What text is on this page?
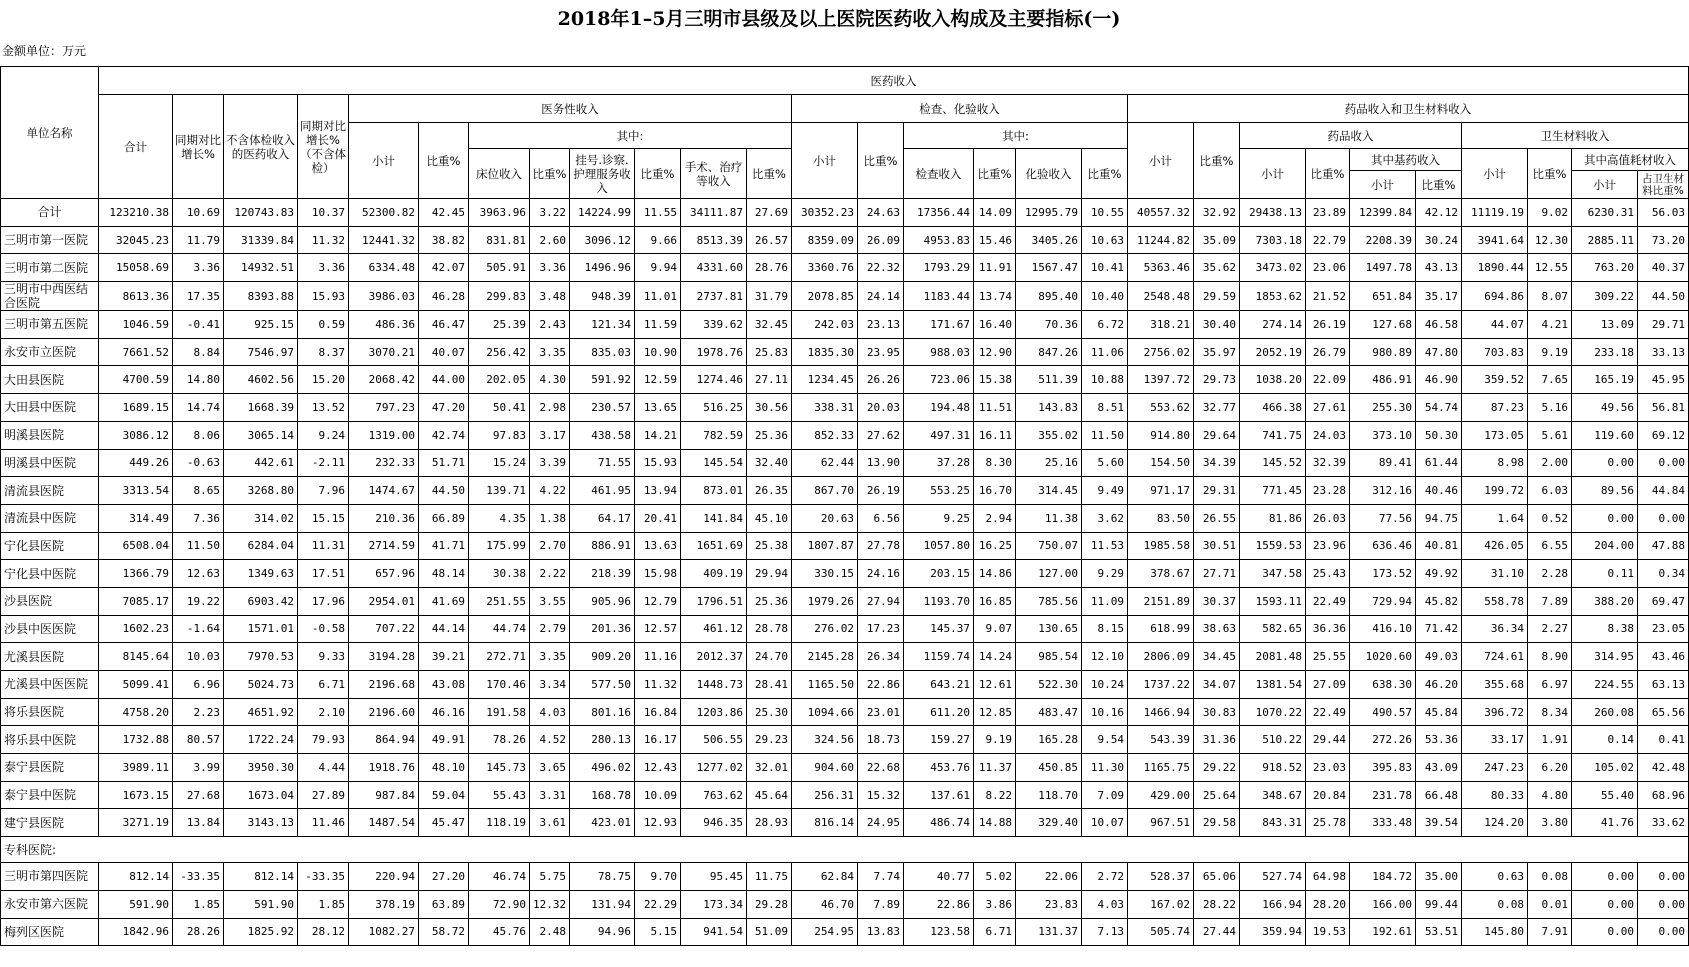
2018年1–5月三明市县级及以上医院医药收入构成及主要指标(一)
金额单位：万元
单位名称	医药收入																											
	合计	同期对比增长%	不含体检收入的医药收入	同期对比增长%（不含体检）	医务性收入								检查、化验收入						药品收入和卫生材料收入									
					小计	比重%	其中:						小计	比重%	其中:				小计	比重%	药品收入				卫生材料收入			
							床位收入	比重%	挂号.诊察.护理服务收入	比重%	手术、治疗等收入	比重%			检查收入	比重%	化验收入	比重%			小计	比重%	其中基药收入		小计	比重%	其中高值耗材收入	
																							小计	比重%			小计	占卫生材料比重%
合计	123210.38	10.69	120743.83	10.37	52300.82	42.45	3963.96	3.22	14224.99	11.55	34111.87	27.69	30352.23	24.63	17356.44	14.09	12995.79	10.55	40557.32	32.92	29438.13	23.89	12399.84	42.12	11119.19	9.02	6230.31	56.03
三明市第一医院	32045.23	11.79	31339.84	11.32	12441.32	38.82	831.81	2.60	3096.12	9.66	8513.39	26.57	8359.09	26.09	4953.83	15.46	3405.26	10.63	11244.82	35.09	7303.18	22.79	2208.39	30.24	3941.64	12.30	2885.11	73.20
三明市第二医院	15058.69	3.36	14932.51	3.36	6334.48	42.07	505.91	3.36	1496.96	9.94	4331.60	28.76	3360.76	22.32	1793.29	11.91	1567.47	10.41	5363.46	35.62	3473.02	23.06	1497.78	43.13	1890.44	12.55	763.20	40.37
三明市中西医结合医院	8613.36	17.35	8393.88	15.93	3986.03	46.28	299.83	3.48	948.39	11.01	2737.81	31.79	2078.85	24.14	1183.44	13.74	895.40	10.40	2548.48	29.59	1853.62	21.52	651.84	35.17	694.86	8.07	309.22	44.50
三明市第五医院	1046.59	-0.41	925.15	0.59	486.36	46.47	25.39	2.43	121.34	11.59	339.62	32.45	242.03	23.13	171.67	16.40	70.36	6.72	318.21	30.40	274.14	26.19	127.68	46.58	44.07	4.21	13.09	29.71
永安市立医院	7661.52	8.84	7546.97	8.37	3070.21	40.07	256.42	3.35	835.03	10.90	1978.76	25.83	1835.30	23.95	988.03	12.90	847.26	11.06	2756.02	35.97	2052.19	26.79	980.89	47.80	703.83	9.19	233.18	33.13
大田县医院	4700.59	14.80	4602.56	15.20	2068.42	44.00	202.05	4.30	591.92	12.59	1274.46	27.11	1234.45	26.26	723.06	15.38	511.39	10.88	1397.72	29.73	1038.20	22.09	486.91	46.90	359.52	7.65	165.19	45.95
大田县中医院	1689.15	14.74	1668.39	13.52	797.23	47.20	50.41	2.98	230.57	13.65	516.25	30.56	338.31	20.03	194.48	11.51	143.83	8.51	553.62	32.77	466.38	27.61	255.30	54.74	87.23	5.16	49.56	56.81
明溪县医院	3086.12	8.06	3065.14	9.24	1319.00	42.74	97.83	3.17	438.58	14.21	782.59	25.36	852.33	27.62	497.31	16.11	355.02	11.50	914.80	29.64	741.75	24.03	373.10	50.30	173.05	5.61	119.60	69.12
明溪县中医院	449.26	-0.63	442.61	-2.11	232.33	51.71	15.24	3.39	71.55	15.93	145.54	32.40	62.44	13.90	37.28	8.30	25.16	5.60	154.50	34.39	145.52	32.39	89.41	61.44	8.98	2.00	0.00	0.00
清流县医院	3313.54	8.65	3268.80	7.96	1474.67	44.50	139.71	4.22	461.95	13.94	873.01	26.35	867.70	26.19	553.25	16.70	314.45	9.49	971.17	29.31	771.45	23.28	312.16	40.46	199.72	6.03	89.56	44.84
清流县中医院	314.49	7.36	314.02	15.15	210.36	66.89	4.35	1.38	64.17	20.41	141.84	45.10	20.63	6.56	9.25	2.94	11.38	3.62	83.50	26.55	81.86	26.03	77.56	94.75	1.64	0.52	0.00	0.00
宁化县医院	6508.04	11.50	6284.04	11.31	2714.59	41.71	175.99	2.70	886.91	13.63	1651.69	25.38	1807.87	27.78	1057.80	16.25	750.07	11.53	1985.58	30.51	1559.53	23.96	636.46	40.81	426.05	6.55	204.00	47.88
宁化县中医院	1366.79	12.63	1349.63	17.51	657.96	48.14	30.38	2.22	218.39	15.98	409.19	29.94	330.15	24.16	203.15	14.86	127.00	9.29	378.67	27.71	347.58	25.43	173.52	49.92	31.10	2.28	0.11	0.34
沙县医院	7085.17	19.22	6903.42	17.96	2954.01	41.69	251.55	3.55	905.96	12.79	1796.51	25.36	1979.26	27.94	1193.70	16.85	785.56	11.09	2151.89	30.37	1593.11	22.49	729.94	45.82	558.78	7.89	388.20	69.47
沙县中医医院	1602.23	-1.64	1571.01	-0.58	707.22	44.14	44.74	2.79	201.36	12.57	461.12	28.78	276.02	17.23	145.37	9.07	130.65	8.15	618.99	38.63	582.65	36.36	416.10	71.42	36.34	2.27	8.38	23.05
尤溪县医院	8145.64	10.03	7970.53	9.33	3194.28	39.21	272.71	3.35	909.20	11.16	2012.37	24.70	2145.28	26.34	1159.74	14.24	985.54	12.10	2806.09	34.45	2081.48	25.55	1020.60	49.03	724.61	8.90	314.95	43.46
尤溪县中医医院	5099.41	6.96	5024.73	6.71	2196.68	43.08	170.46	3.34	577.50	11.32	1448.73	28.41	1165.50	22.86	643.21	12.61	522.30	10.24	1737.22	34.07	1381.54	27.09	638.30	46.20	355.68	6.97	224.55	63.13
将乐县医院	4758.20	2.23	4651.92	2.10	2196.60	46.16	191.58	4.03	801.16	16.84	1203.86	25.30	1094.66	23.01	611.20	12.85	483.47	10.16	1466.94	30.83	1070.22	22.49	490.57	45.84	396.72	8.34	260.08	65.56
将乐县中医院	1732.88	80.57	1722.24	79.93	864.94	49.91	78.26	4.52	280.13	16.17	506.55	29.23	324.56	18.73	159.27	9.19	165.28	9.54	543.39	31.36	510.22	29.44	272.26	53.36	33.17	1.91	0.14	0.41
泰宁县医院	3989.11	3.99	3950.30	4.44	1918.76	48.10	145.73	3.65	496.02	12.43	1277.02	32.01	904.60	22.68	453.76	11.37	450.85	11.30	1165.75	29.22	918.52	23.03	395.83	43.09	247.23	6.20	105.02	42.48
泰宁县中医院	1673.15	27.68	1673.04	27.89	987.84	59.04	55.43	3.31	168.78	10.09	763.62	45.64	256.31	15.32	137.61	8.22	118.70	7.09	429.00	25.64	348.67	20.84	231.78	66.48	80.33	4.80	55.40	68.96
建宁县医院	3271.19	13.84	3143.13	11.46	1487.54	45.47	118.19	3.61	423.01	12.93	946.35	28.93	816.14	24.95	486.74	14.88	329.40	10.07	967.51	29.58	843.31	25.78	333.48	39.54	124.20	3.80	41.76	33.62
专科医院:																												
三明市第四医院	812.14	-33.35	812.14	-33.35	220.94	27.20	46.74	5.75	78.75	9.70	95.45	11.75	62.84	7.74	40.77	5.02	22.06	2.72	528.37	65.06	527.74	64.98	184.72	35.00	0.63	0.08	0.00	0.00
永安市第六医院	591.90	1.85	591.90	1.85	378.19	63.89	72.90	12.32	131.94	22.29	173.34	29.28	46.70	7.89	22.86	3.86	23.83	4.03	167.02	28.22	166.94	28.20	166.00	99.44	0.08	0.01	0.00	0.00
梅列区医院	1842.96	28.26	1825.92	28.12	1082.27	58.72	45.76	2.48	94.96	5.15	941.54	51.09	254.95	13.83	123.58	6.71	131.37	7.13	505.74	27.44	359.94	19.53	192.61	53.51	145.80	7.91	0.00	0.00
